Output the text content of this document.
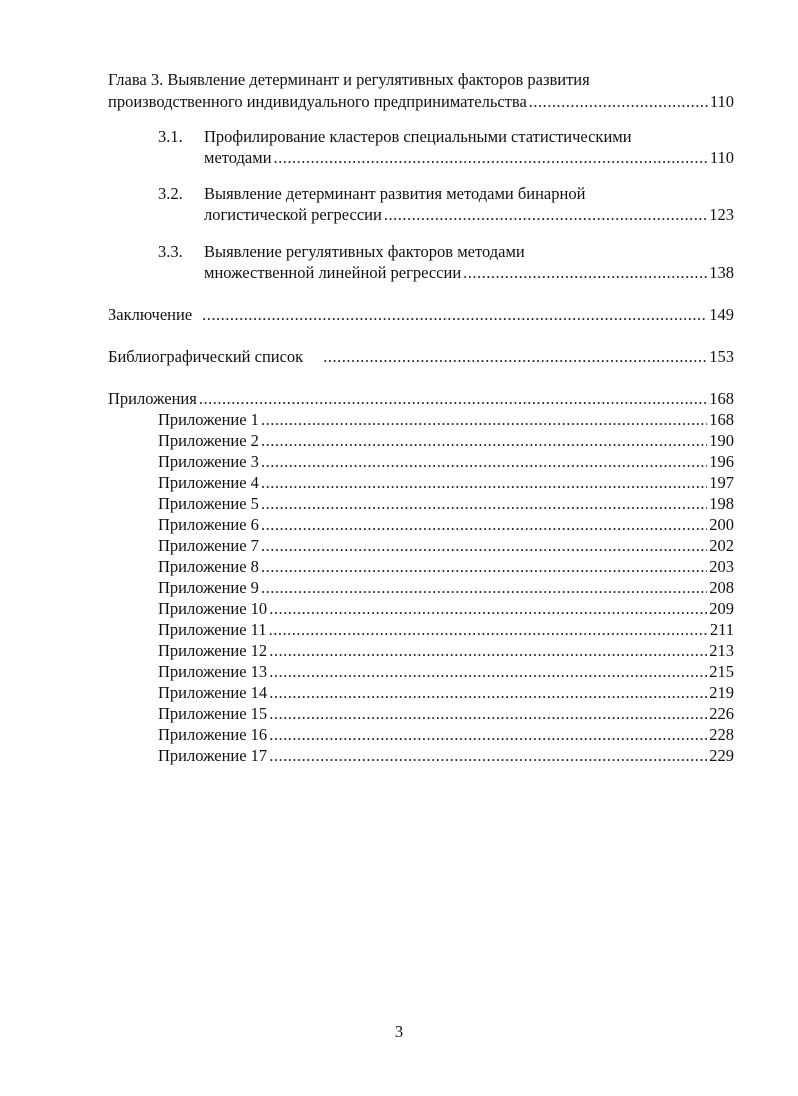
Глава 3. Выявление детерминант и регулятивных факторов развития
производственного индивидуального предпринимательства .....	110
3.1. Профилирование кластеров специальными статистическими
методами .....	110
3.2. Выявление детерминант развития методами бинарной
логистической регрессии .....	123
3.3. Выявление регулятивных факторов методами
множественной линейной регрессии .....	138
Заключение .....	149
Библиографический список .....	153
Приложения .....	168
Приложение 1 .....	168
Приложение 2 .....	190
Приложение 3 .....	196
Приложение 4 .....	197
Приложение 5 .....	198
Приложение 6 .....	200
Приложение 7 .....	202
Приложение 8 .....	203
Приложение 9 .....	208
Приложение 10 .....	209
Приложение 11 .....	211
Приложение 12 .....	213
Приложение 13 .....	215
Приложение 14 .....	219
Приложение 15 .....	226
Приложение 16 .....	228
Приложение 17 .....	229
3
